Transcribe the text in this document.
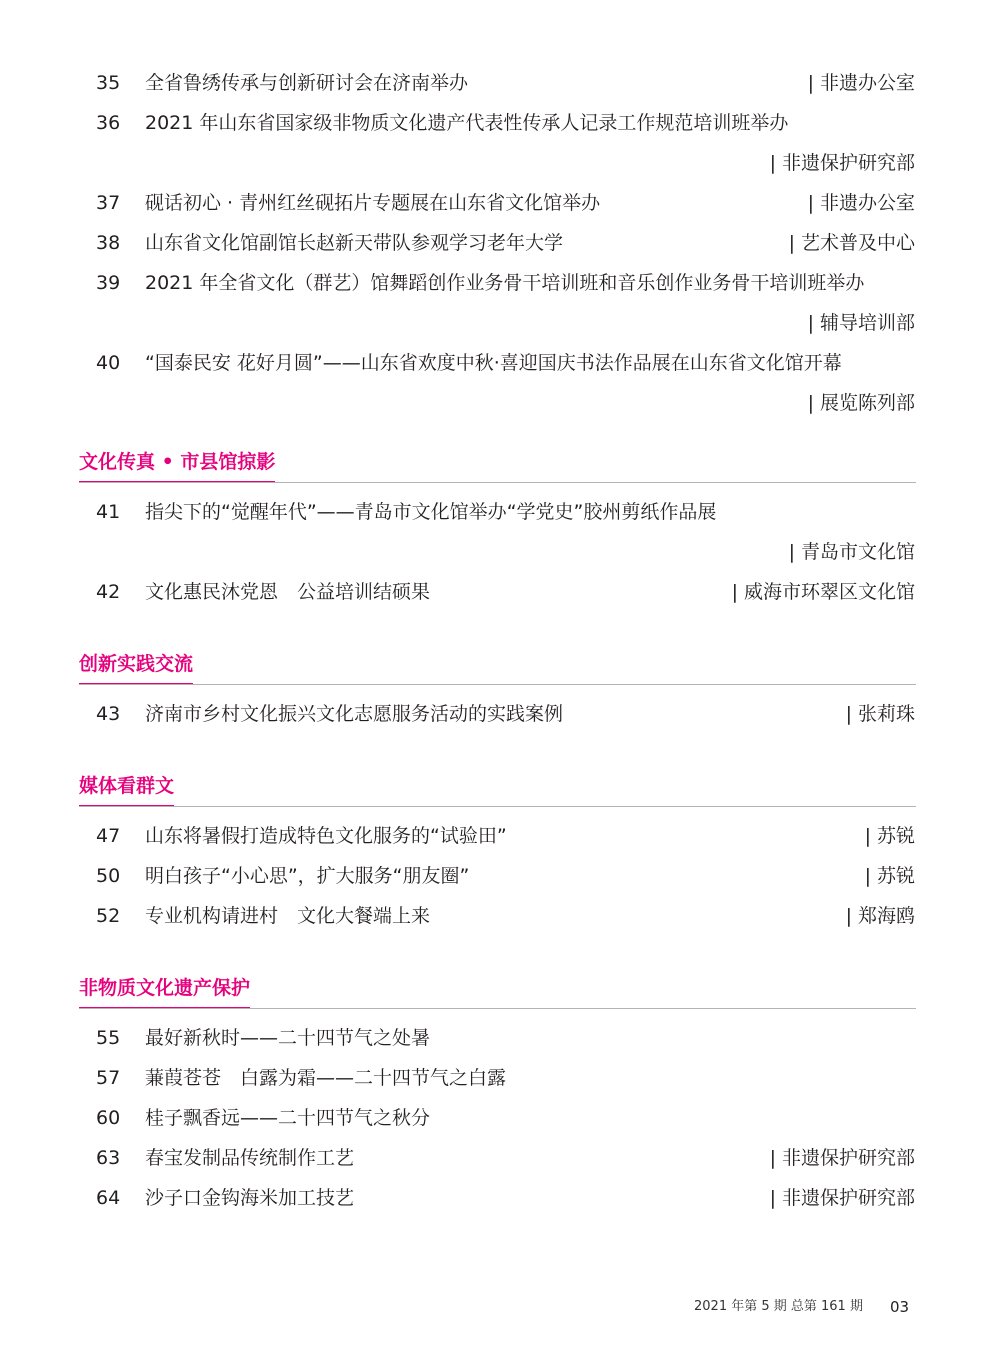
35	全省鲁绣传承与创新研讨会在济南举办	| 非遗办公室
36	2021 年山东省国家级非物质文化遗产代表性传承人记录工作规范培训班举办
| 非遗保护研究部
37	砚话初心 · 青州红丝砚拓片专题展在山东省文化馆举办	| 非遗办公室
38	山东省文化馆副馆长赵新天带队参观学习老年大学	| 艺术普及中心
39	2021 年全省文化（群艺）馆舞蹈创作业务骨干培训班和音乐创作业务骨干培训班举办
| 辅导培训部
40	“国泰民安 花好月圆”——山东省欢度中秋·喜迎国庆书法作品展在山东省文化馆开幕
| 展览陈列部
文化传真 • 市县馆掠影
41	指尖下的“觉醒年代”——青岛市文化馆举办“学党史”胶州剪纸作品展
| 青岛市文化馆
42	文化惠民沐党恩　公益培训结硕果	| 威海市环翠区文化馆
创新实践交流
43	济南市乡村文化振兴文化志愿服务活动的实践案例	| 张莉珠
媒体看群文
47	山东将暑假打造成特色文化服务的“试验田”	| 苏锐
50	明白孩子“小心思”，扩大服务“朋友圈”	| 苏锐
52	专业机构请进村　文化大餐端上来	| 郑海鸥
非物质文化遗产保护
55	最好新秋时——二十四节气之处暑
57	蒹葭苍苍　白露为霜——二十四节气之白露
60	桂子飘香远——二十四节气之秋分
63	春宝发制品传统制作工艺	| 非遗保护研究部
64	沙子口金钩海米加工技艺	| 非遗保护研究部
2021 年第 5 期 总第 161 期 03
